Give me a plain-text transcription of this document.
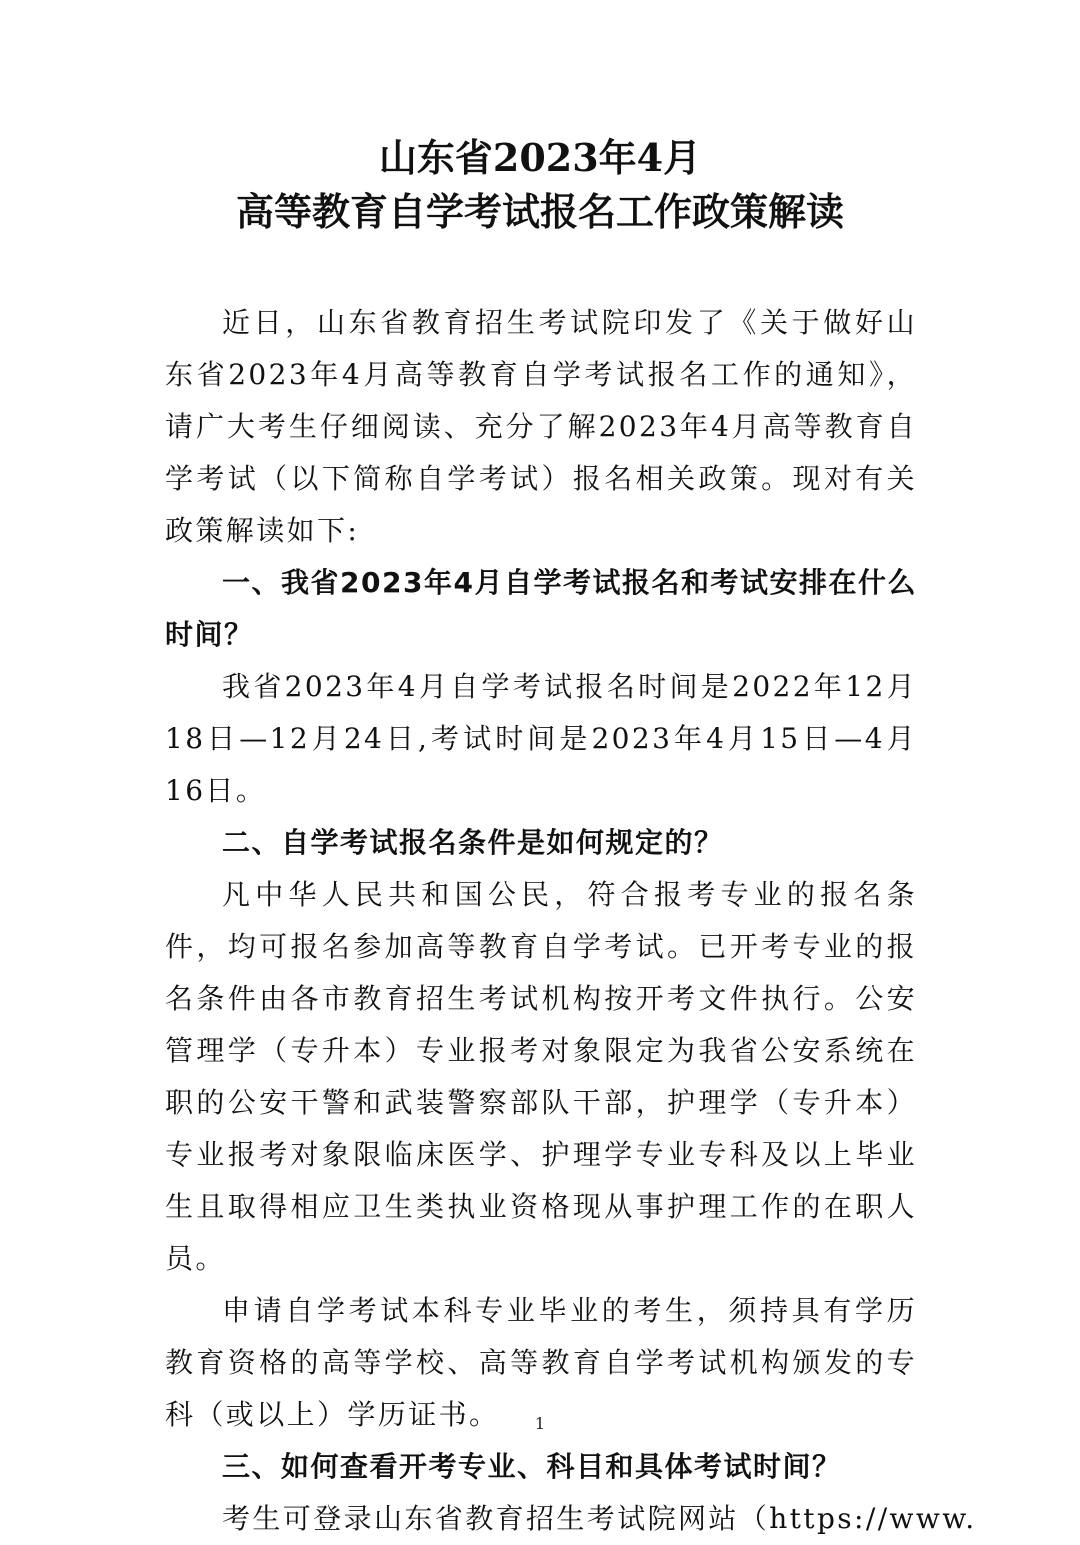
山东省2023年4月
高等教育自学考试报名工作政策解读

近日，山东省教育招生考试院印发了《关于做好山东省2023年4月高等教育自学考试报名工作的通知》，请广大考生仔细阅读、充分了解2023年4月高等教育自学考试（以下简称自学考试）报名相关政策。现对有关政策解读如下:

一、我省2023年4月自学考试报名和考试安排在什么时间？

我省2023年4月自学考试报名时间是2022年12月18日—12月24日,考试时间是2023年4月15日—4月16日。

二、自学考试报名条件是如何规定的？

凡中华人民共和国公民，符合报考专业的报名条件，均可报名参加高等教育自学考试。已开考专业的报名条件由各市教育招生考试机构按开考文件执行。公安管理学（专升本）专业报考对象限定为我省公安系统在职的公安干警和武装警察部队干部，护理学（专升本）专业报考对象限临床医学、护理学专业专科及以上毕业生且取得相应卫生类执业资格现从事护理工作的在职人员。

申请自学考试本科专业毕业的考生，须持具有学历教育资格的高等学校、高等教育自学考试机构颁发的专科（或以上）学历证书。

三、如何查看开考专业、科目和具体考试时间？

考生可登录山东省教育招生考试院网站（https://www.

1
